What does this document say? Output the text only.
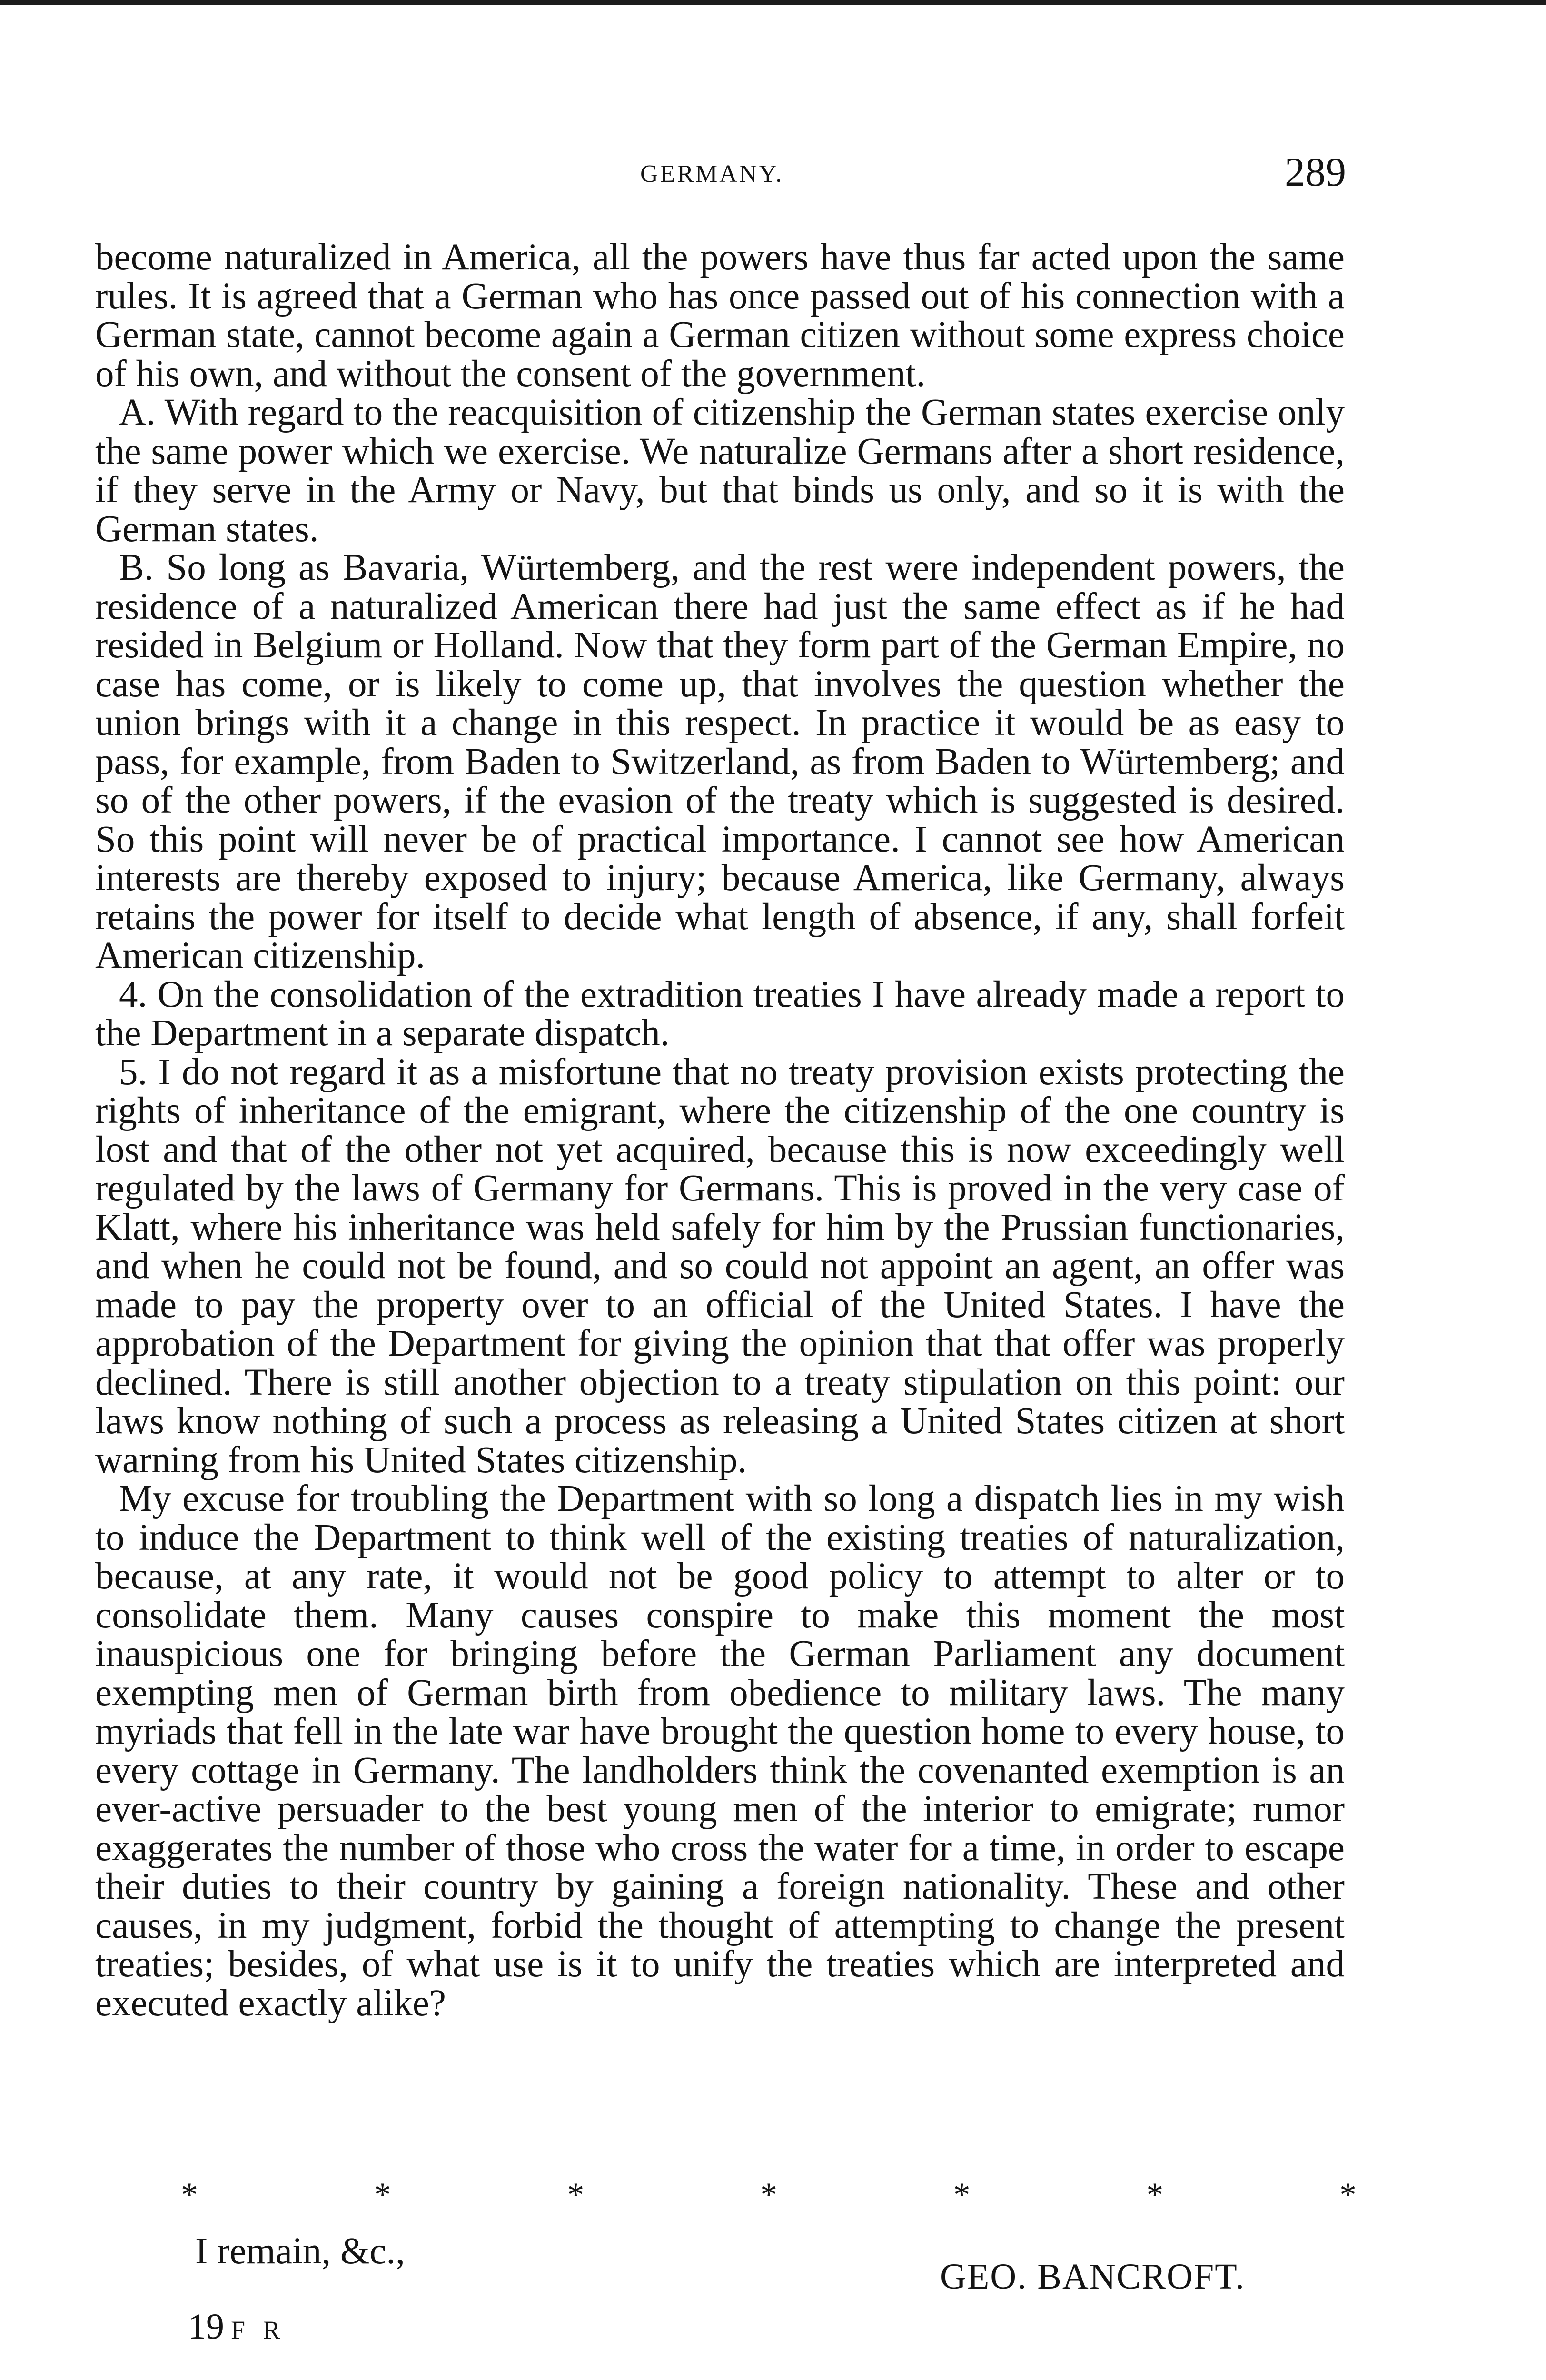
GERMANY.	289

become naturalized in America, all the powers have thus far acted upon the same rules. It is agreed that a German who has once passed out of his connection with a German state, cannot become again a German citizen without some express choice of his own, and without the consent of the government.

A. With regard to the reacquisition of citizenship the German states exercise only the same power which we exercise. We naturalize Germans after a short residence, if they serve in the Army or Navy, but that binds us only, and so it is with the German states.

B. So long as Bavaria, Würtemberg, and the rest were independent powers, the residence of a naturalized American there had just the same effect as if he had resided in Belgium or Holland. Now that they form part of the German Empire, no case has come, or is likely to come up, that involves the question whether the union brings with it a change in this respect. In practice it would be as easy to pass, for example, from Baden to Switzerland, as from Baden to Würtemberg; and so of the other powers, if the evasion of the treaty which is suggested is desired. So this point will never be of practical importance. I cannot see how American interests are thereby exposed to injury; because America, like Germany, always retains the power for itself to decide what length of absence, if any, shall forfeit American citizenship.

4. On the consolidation of the extradition treaties I have already made a report to the Department in a separate dispatch.

5. I do not regard it as a misfortune that no treaty provision exists protecting the rights of inheritance of the emigrant, where the citizenship of the one country is lost and that of the other not yet acquired, because this is now exceedingly well regulated by the laws of Germany for Germans. This is proved in the very case of Klatt, where his inheritance was held safely for him by the Prussian functionaries, and when he could not be found, and so could not appoint an agent, an offer was made to pay the property over to an official of the United States. I have the approbation of the Department for giving the opinion that that offer was properly declined. There is still another objection to a treaty stipulation on this point: our laws know nothing of such a process as releasing a United States citizen at short warning from his United States citizenship.

My excuse for troubling the Department with so long a dispatch lies in my wish to induce the Department to think well of the existing treaties of naturalization, because, at any rate, it would not be good policy to attempt to alter or to consolidate them. Many causes conspire to make this moment the most inauspicious one for bringing before the German Parliament any document exempting men of German birth from obedience to military laws. The many myriads that fell in the late war have brought the question home to every house, to every cottage in Germany. The landholders think the covenanted exemption is an ever-active persuader to the best young men of the interior to emigrate; rumor exaggerates the number of those who cross the water for a time, in order to escape their duties to their country by gaining a foreign nationality. These and other causes, in my judgment, forbid the thought of attempting to change the present treaties; besides, of what use is it to unify the treaties which are interpreted and executed exactly alike?

*	*	*	*	*	*	*
I remain, &c.,
GEO. BANCROFT.
19 F R
